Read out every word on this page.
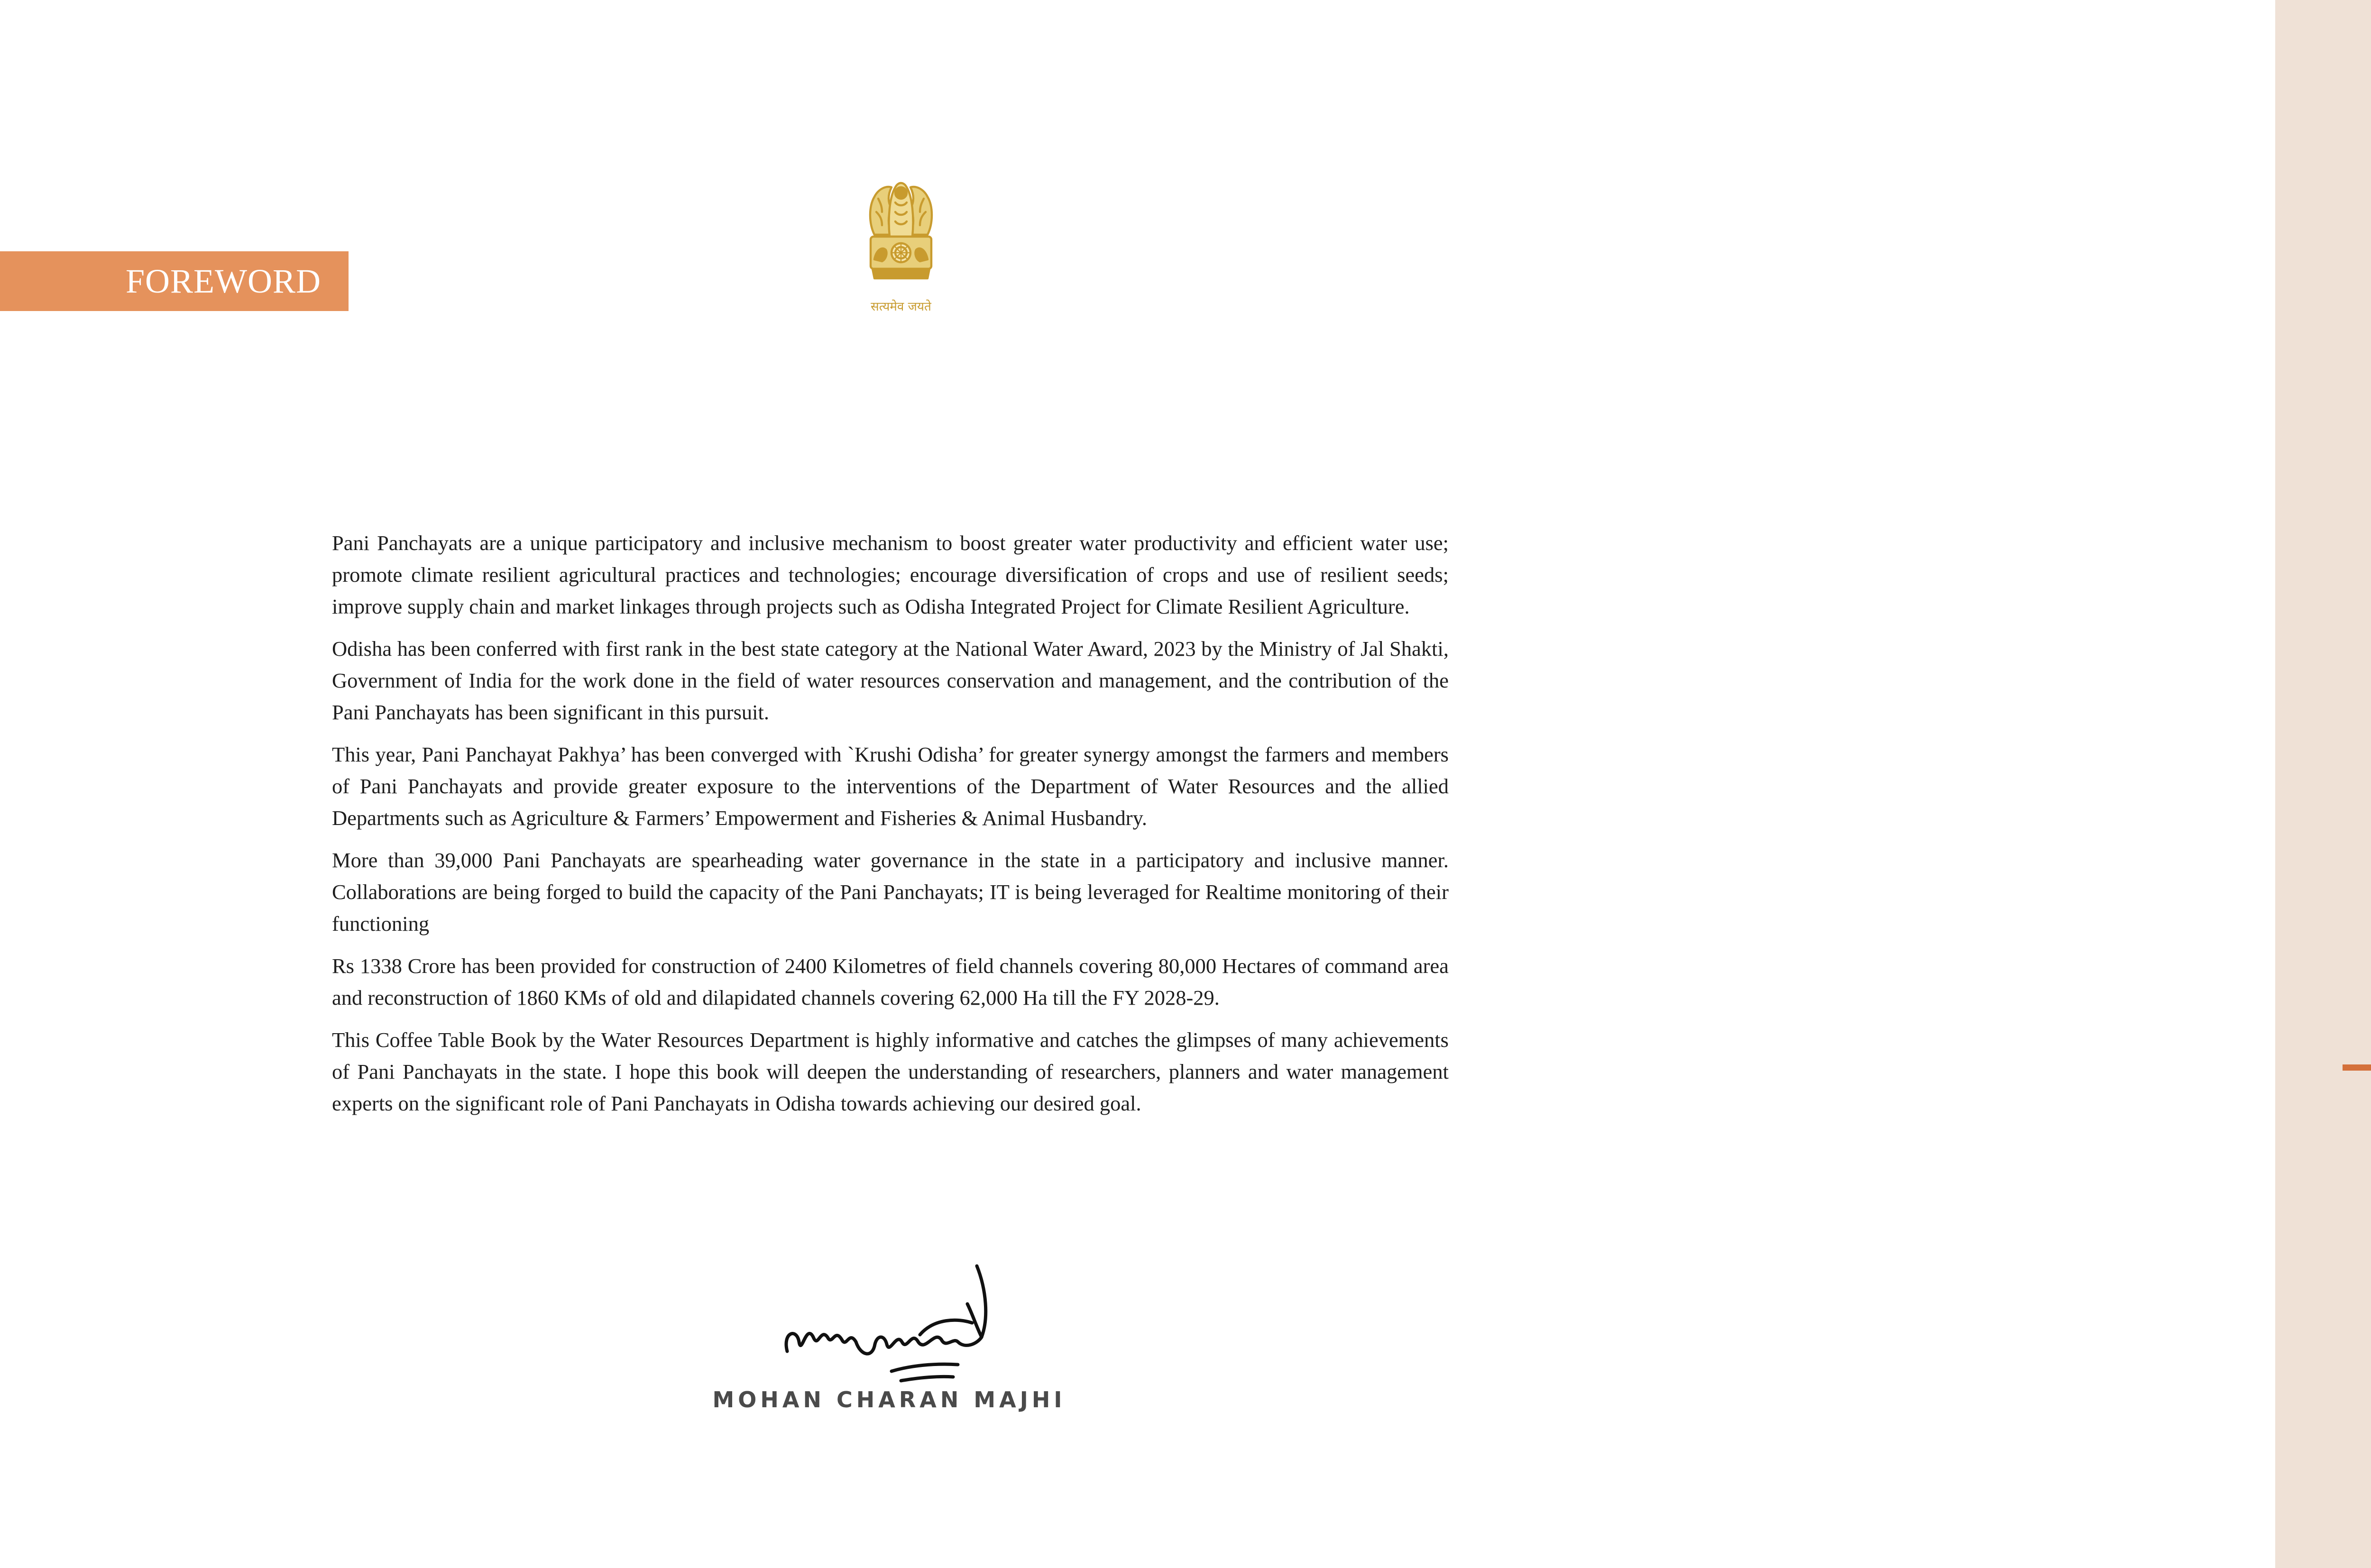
FOREWORD
सत्यमेव जयते

Pani Panchayats are a unique participatory and inclusive mechanism to boost greater water productivity and efficient water use; promote climate resilient agricultural practices and technologies; encourage diversification of crops and use of resilient seeds; improve supply chain and market linkages through projects such as Odisha Integrated Project for Climate Resilient Agriculture.

Odisha has been conferred with first rank in the best state category at the National Water Award, 2023 by the Ministry of Jal Shakti, Government of India for the work done in the field of water resources conservation and management, and the contribution of the Pani Panchayats has been significant in this pursuit.

This year, Pani Panchayat Pakhya’ has been converged with `Krushi Odisha’ for greater synergy amongst the farmers and members of Pani Panchayats and provide greater exposure to the interventions of the Department of Water Resources and the allied Departments such as Agriculture & Farmers’ Empowerment and Fisheries & Animal Husbandry.

More than 39,000 Pani Panchayats are spearheading water governance in the state in a participatory and inclusive manner. Collaborations are being forged to build the capacity of the Pani Panchayats; IT is being leveraged for Realtime monitoring of their functioning

Rs 1338 Crore has been provided for construction of 2400 Kilometres of field channels covering 80,000 Hectares of command area and reconstruction of 1860 KMs of old and dilapidated channels covering 62,000 Ha till the FY 2028-29.

This Coffee Table Book by the Water Resources Department is highly informative and catches the glimpses of many achievements of Pani Panchayats in the state. I hope this book will deepen the understanding of researchers, planners and water management experts on the significant role of Pani Panchayats in Odisha towards achieving our desired goal.

MOHAN CHARAN MAJHI
